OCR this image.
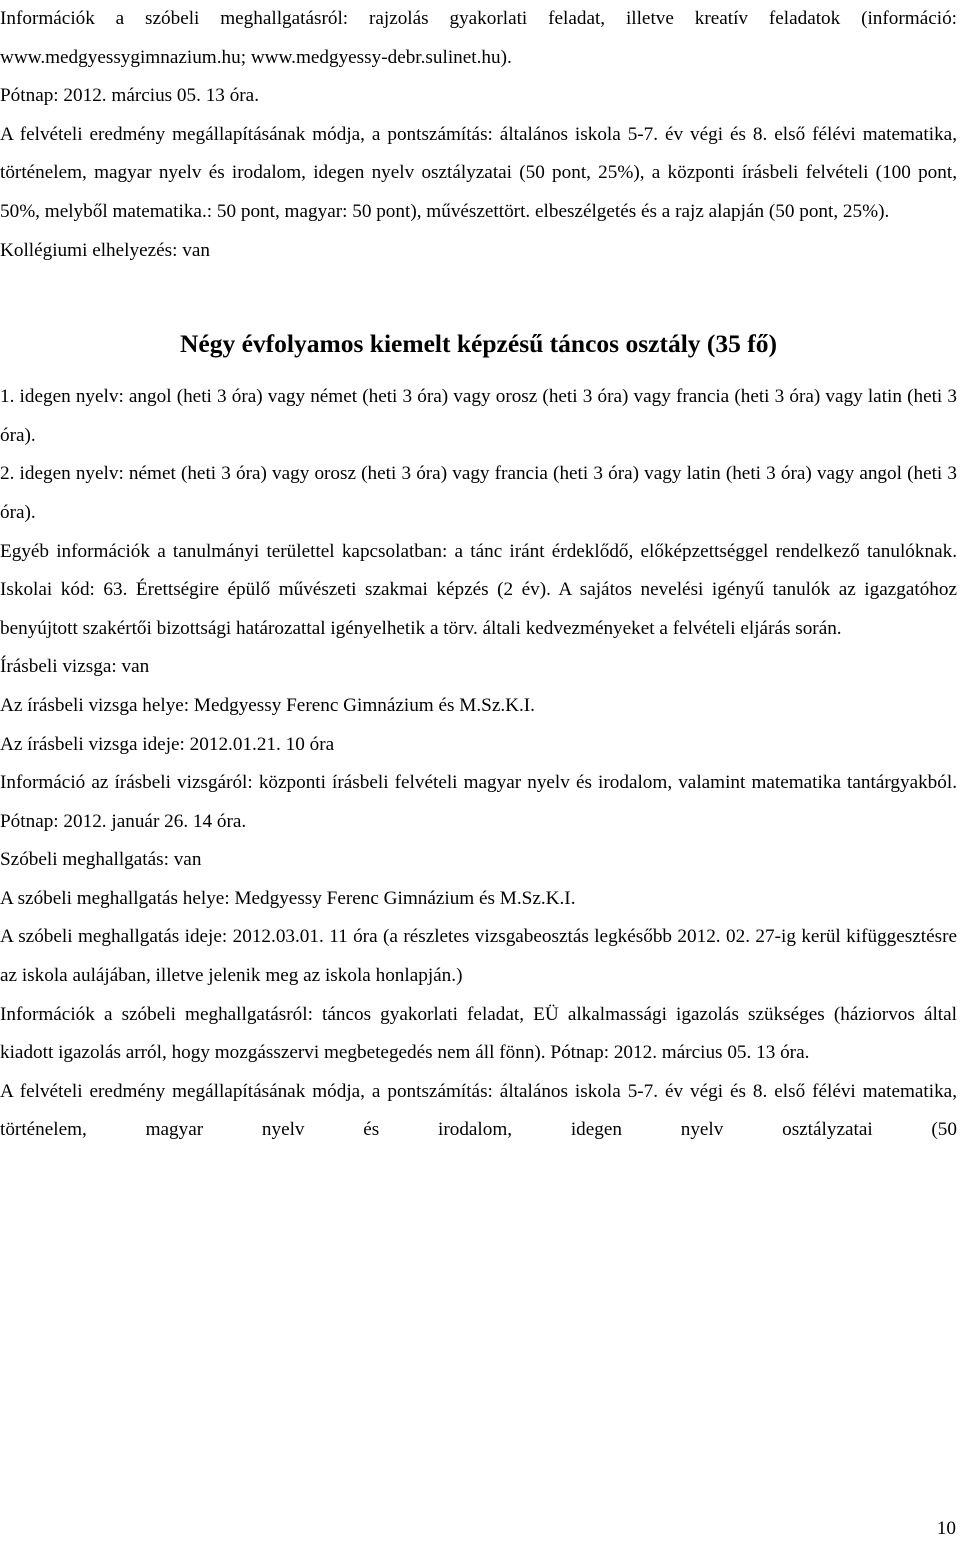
Információk a szóbeli meghallgatásról: rajzolás gyakorlati feladat, illetve kreatív feladatok (információ: www.medgyessygimnazium.hu; www.medgyessy-debr.sulinet.hu).

Pótnap: 2012. március 05. 13 óra.

A felvételi eredmény megállapításának módja, a pontszámítás: általános iskola 5-7. év végi és 8. első félévi matematika, történelem, magyar nyelv és irodalom, idegen nyelv osztályzatai (50 pont, 25%), a központi írásbeli felvételi (100 pont, 50%, melyből matematika.: 50 pont, magyar: 50 pont), művészettört. elbeszélgetés és a rajz alapján (50 pont, 25%).

Kollégiumi elhelyezés: van

Négy évfolyamos kiemelt képzésű táncos osztály (35 fő)

1. idegen nyelv: angol (heti 3 óra) vagy német (heti 3 óra) vagy orosz (heti 3 óra) vagy francia (heti 3 óra) vagy latin (heti 3 óra).

2. idegen nyelv: német (heti 3 óra) vagy orosz (heti 3 óra) vagy francia (heti 3 óra) vagy latin (heti 3 óra) vagy angol (heti 3 óra).

Egyéb információk a tanulmányi területtel kapcsolatban: a tánc iránt érdeklődő, előképzettséggel rendelkező tanulóknak. Iskolai kód: 63. Érettségire épülő művészeti szakmai képzés (2 év). A sajátos nevelési igényű tanulók az igazgatóhoz benyújtott szakértői bizottsági határozattal igényelhetik a törv. általi kedvezményeket a felvételi eljárás során.

Írásbeli vizsga: van

Az írásbeli vizsga helye: Medgyessy Ferenc Gimnázium és M.Sz.K.I.

Az írásbeli vizsga ideje: 2012.01.21. 10 óra

Információ az írásbeli vizsgáról: központi írásbeli felvételi magyar nyelv és irodalom, valamint matematika tantárgyakból. Pótnap: 2012. január 26. 14 óra.

Szóbeli meghallgatás: van

A szóbeli meghallgatás helye: Medgyessy Ferenc Gimnázium és M.Sz.K.I.

A szóbeli meghallgatás ideje: 2012.03.01. 11 óra (a részletes vizsgabeosztás legkésőbb 2012. 02. 27-ig kerül kifüggesztésre az iskola aulájában, illetve jelenik meg az iskola honlapján.)

Információk a szóbeli meghallgatásról: táncos gyakorlati feladat, EÜ alkalmassági igazolás szükséges (háziorvos által kiadott igazolás arról, hogy mozgásszervi megbetegedés nem áll fönn). Pótnap: 2012. március 05. 13 óra.

A felvételi eredmény megállapításának módja, a pontszámítás: általános iskola 5-7. év végi és 8. első félévi matematika, történelem, magyar nyelv és irodalom, idegen nyelv osztályzatai (50

10
